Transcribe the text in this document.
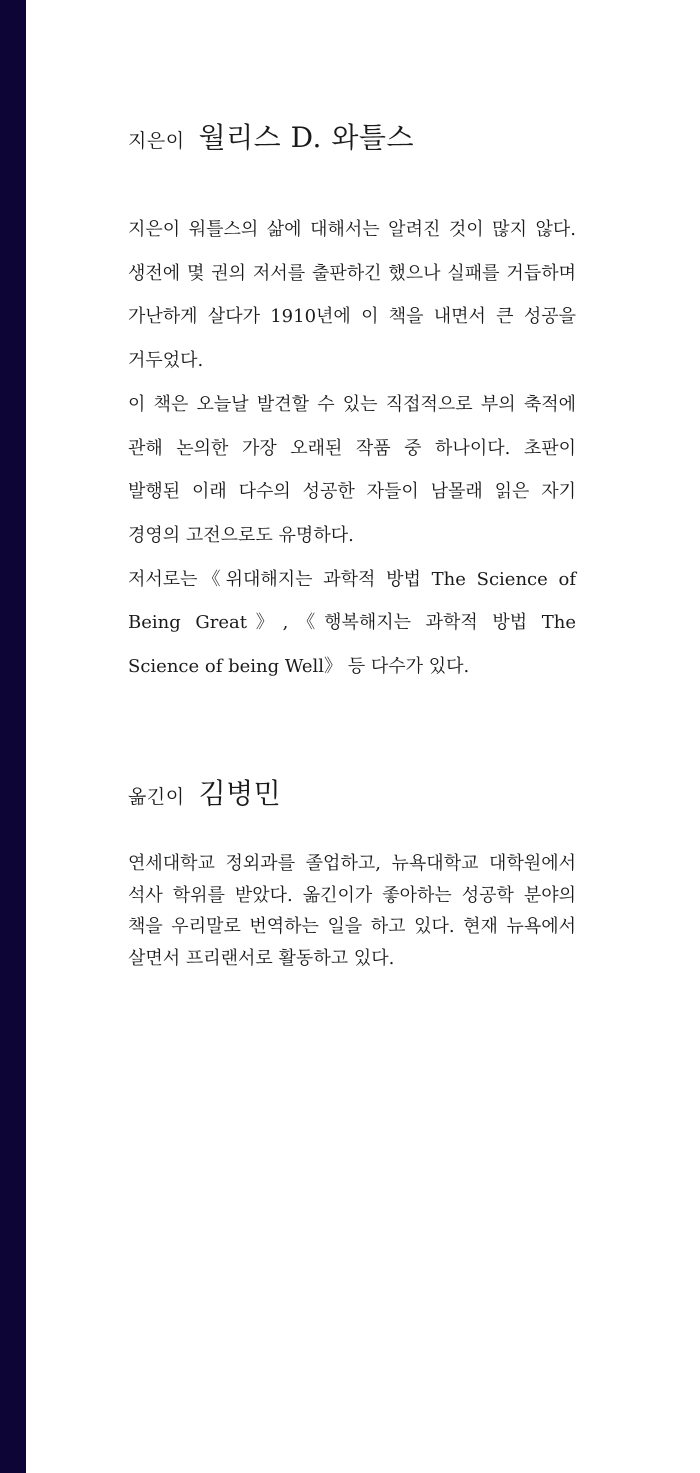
지은이 월리스 D. 와틀스

지은이 워틀스의 삶에 대해서는 알려진 것이 많지 않다. 생전에 몇 권의 저서를 출판하긴 했으나 실패를 거듭하며 가난하게 살다가 1910년에 이 책을 내면서 큰 성공을 거두었다.

이 책은 오늘날 발견할 수 있는 직접적으로 부의 축적에 관해 논의한 가장 오래된 작품 중 하나이다. 초판이 발행된 이래 다수의 성공한 자들이 남몰래 읽은 자기 경영의 고전으로도 유명하다.

저서로는《위대해지는 과학적 방법 The Science of Being Great》,《행복해지는 과학적 방법 The Science of being Well》 등 다수가 있다.

옮긴이 김병민

연세대학교 정외과를 졸업하고, 뉴욕대학교 대학원에서 석사 학위를 받았다. 옮긴이가 좋아하는 성공학 분야의 책을 우리말로 번역하는 일을 하고 있다. 현재 뉴욕에서 살면서 프리랜서로 활동하고 있다.
